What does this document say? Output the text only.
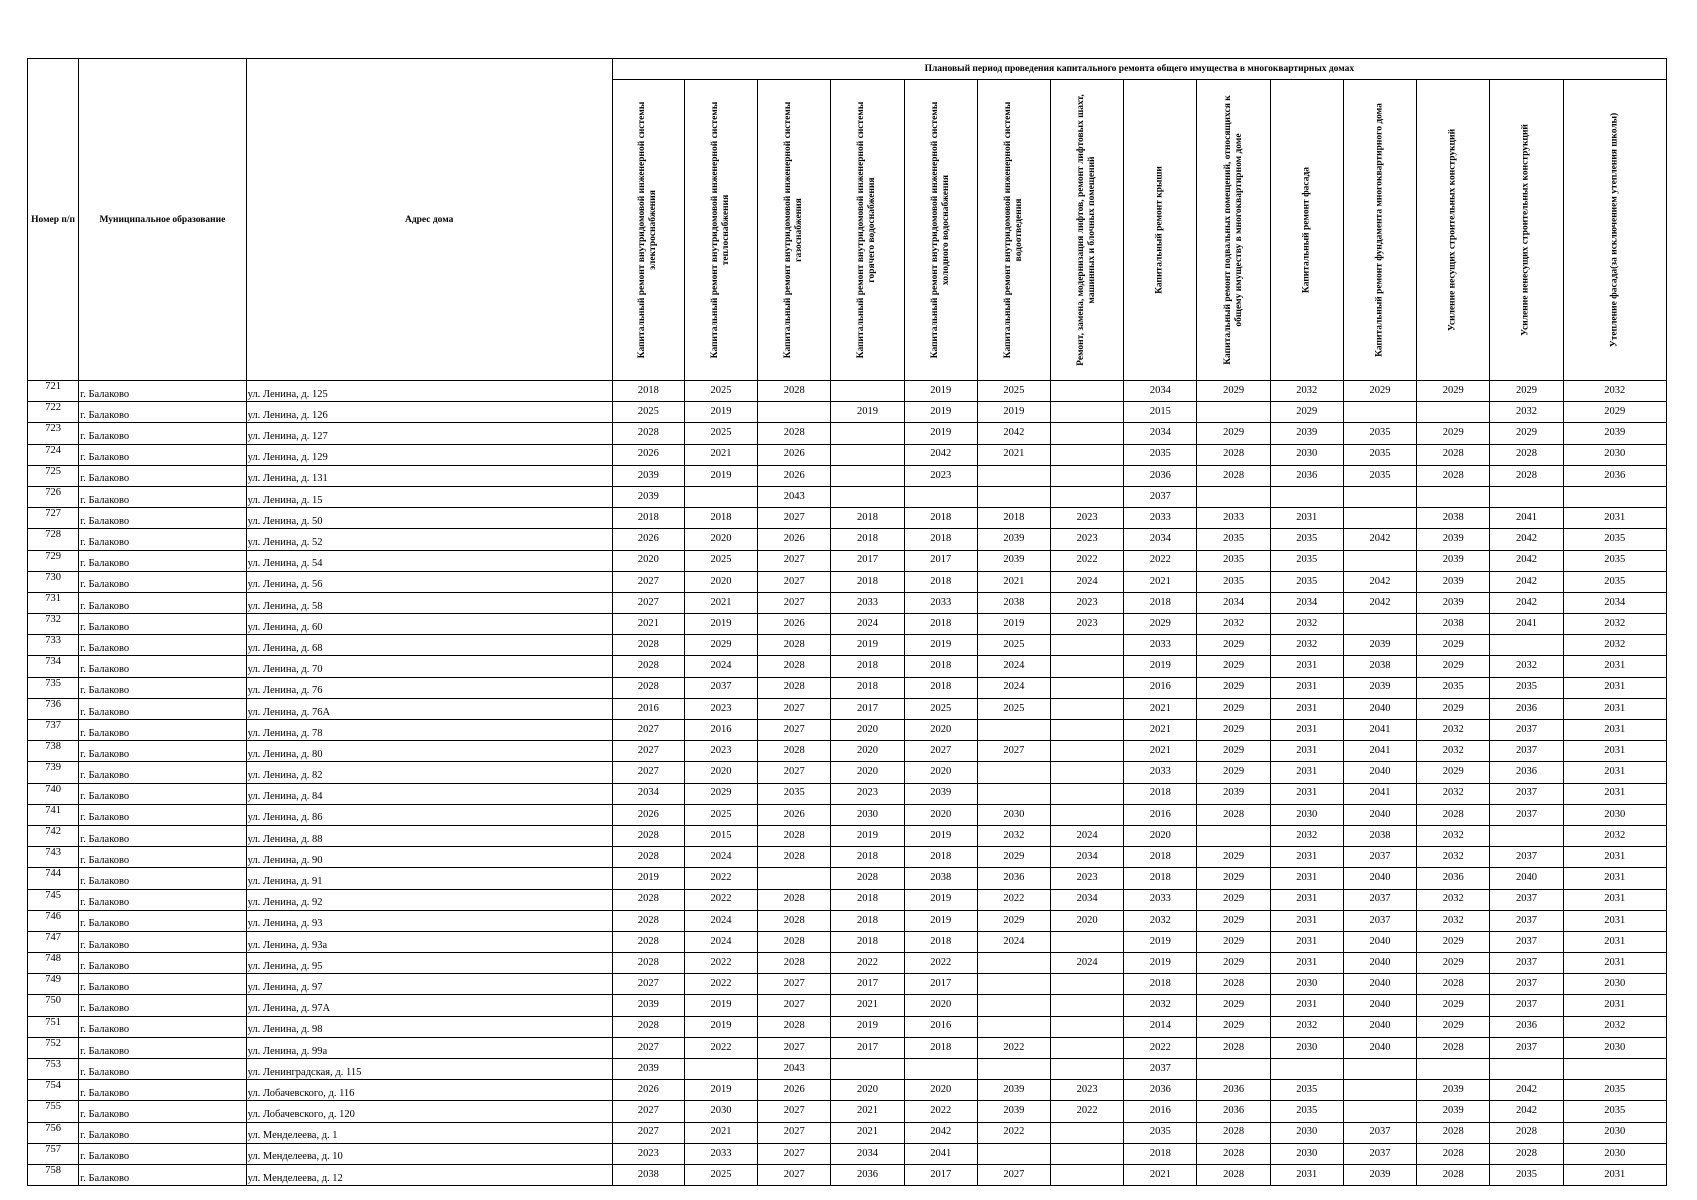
Номер п/п	Муниципальное образование	Адрес дома	Плановый период проведения капитального ремонта общего имущества в многоквартирных домах													

			Капитальный ремонт внутридомовой инженерной системы электроснабжения	Капитальный ремонт внутридомовой инженерной системы теплоснабжения	Капитальный ремонт внутридомовой инженерной системы газоснабжения	Капитальный ремонт внутридомовой инженерной системы горячего водоснабжения	Капитальный ремонт внутридомовой инженерной системы холодного водоснабжения	Капитальный ремонт внутридомовой инженерной системы водоотведения	Ремонт, замена, модернизация лифтов, ремонт лифтовых шахт, машинных и блочных помещений	Капитальный ремонт крыши	Капитальный ремонт подвальных помещений, относящихся к общему имуществу в многоквартирном доме	Капитальный ремонт фасада	Капитальный ремонт фундамента многоквартирного дома	Усиление несущих строительных конструкций	Усиление ненесущих строительных конструкций	Утепление фасада(за исключением утепления школы)

721	г. Балаково	ул. Ленина, д. 125	2018	2025	2028		2019	2025		2034	2029	2032	2029	2029	2029	2032
722	г. Балаково	ул. Ленина, д. 126	2025	2019		2019	2019	2019		2015		2029			2032	2029
723	г. Балаково	ул. Ленина, д. 127	2028	2025	2028		2019	2042		2034	2029	2039	2035	2029	2029	2039
724	г. Балаково	ул. Ленина, д. 129	2026	2021	2026		2042	2021		2035	2028	2030	2035	2028	2028	2030
725	г. Балаково	ул. Ленина, д. 131	2039	2019	2026		2023			2036	2028	2036	2035	2028	2028	2036
726	г. Балаково	ул. Ленина, д. 15	2039		2043					2037						
727	г. Балаково	ул. Ленина, д. 50	2018	2018	2027	2018	2018	2018	2023	2033	2033	2031		2038	2041	2031
728	г. Балаково	ул. Ленина, д. 52	2026	2020	2026	2018	2018	2039	2023	2034	2035	2035	2042	2039	2042	2035
729	г. Балаково	ул. Ленина, д. 54	2020	2025	2027	2017	2017	2039	2022	2022	2035	2035		2039	2042	2035
730	г. Балаково	ул. Ленина, д. 56	2027	2020	2027	2018	2018	2021	2024	2021	2035	2035	2042	2039	2042	2035
731	г. Балаково	ул. Ленина, д. 58	2027	2021	2027	2033	2033	2038	2023	2018	2034	2034	2042	2039	2042	2034
732	г. Балаково	ул. Ленина, д. 60	2021	2019	2026	2024	2018	2019	2023	2029	2032	2032		2038	2041	2032
733	г. Балаково	ул. Ленина, д. 68	2028	2029	2028	2019	2019	2025		2033	2029	2032	2039	2029		2032
734	г. Балаково	ул. Ленина, д. 70	2028	2024	2028	2018	2018	2024		2019	2029	2031	2038	2029	2032	2031
735	г. Балаково	ул. Ленина, д. 76	2028	2037	2028	2018	2018	2024		2016	2029	2031	2039	2035	2035	2031
736	г. Балаково	ул. Ленина, д. 76А	2016	2023	2027	2017	2025	2025		2021	2029	2031	2040	2029	2036	2031
737	г. Балаково	ул. Ленина, д. 78	2027	2016	2027	2020	2020			2021	2029	2031	2041	2032	2037	2031
738	г. Балаково	ул. Ленина, д. 80	2027	2023	2028	2020	2027	2027		2021	2029	2031	2041	2032	2037	2031
739	г. Балаково	ул. Ленина, д. 82	2027	2020	2027	2020	2020			2033	2029	2031	2040	2029	2036	2031
740	г. Балаково	ул. Ленина, д. 84	2034	2029	2035	2023	2039			2018	2039	2031	2041	2032	2037	2031
741	г. Балаково	ул. Ленина, д. 86	2026	2025	2026	2030	2020	2030		2016	2028	2030	2040	2028	2037	2030
742	г. Балаково	ул. Ленина, д. 88	2028	2015	2028	2019	2019	2032	2024	2020		2032	2038	2032		2032
743	г. Балаково	ул. Ленина, д. 90	2028	2024	2028	2018	2018	2029	2034	2018	2029	2031	2037	2032	2037	2031
744	г. Балаково	ул. Ленина, д. 91	2019	2022		2028	2038	2036	2023	2018	2029	2031	2040	2036	2040	2031
745	г. Балаково	ул. Ленина, д. 92	2028	2022	2028	2018	2019	2022	2034	2033	2029	2031	2037	2032	2037	2031
746	г. Балаково	ул. Ленина, д. 93	2028	2024	2028	2018	2019	2029	2020	2032	2029	2031	2037	2032	2037	2031
747	г. Балаково	ул. Ленина, д. 93а	2028	2024	2028	2018	2018	2024		2019	2029	2031	2040	2029	2037	2031
748	г. Балаково	ул. Ленина, д. 95	2028	2022	2028	2022	2022		2024	2019	2029	2031	2040	2029	2037	2031
749	г. Балаково	ул. Ленина, д. 97	2027	2022	2027	2017	2017			2018	2028	2030	2040	2028	2037	2030
750	г. Балаково	ул. Ленина, д. 97А	2039	2019	2027	2021	2020			2032	2029	2031	2040	2029	2037	2031
751	г. Балаково	ул. Ленина, д. 98	2028	2019	2028	2019	2016			2014	2029	2032	2040	2029	2036	2032
752	г. Балаково	ул. Ленина, д. 99а	2027	2022	2027	2017	2018	2022		2022	2028	2030	2040	2028	2037	2030
753	г. Балаково	ул. Ленинградская, д. 115	2039		2043					2037						
754	г. Балаково	ул. Лобачевского, д. 116	2026	2019	2026	2020	2020	2039	2023	2036	2036	2035		2039	2042	2035
755	г. Балаково	ул. Лобачевского, д. 120	2027	2030	2027	2021	2022	2039	2022	2016	2036	2035		2039	2042	2035
756	г. Балаково	ул. Менделеева, д. 1	2027	2021	2027	2021	2042	2022		2035	2028	2030	2037	2028	2028	2030
757	г. Балаково	ул. Менделеева, д. 10	2023	2033	2027	2034	2041			2018	2028	2030	2037	2028	2028	2030
758	г. Балаково	ул. Менделеева, д. 12	2038	2025	2027	2036	2017	2027		2021	2028	2031	2039	2028	2035	2031
